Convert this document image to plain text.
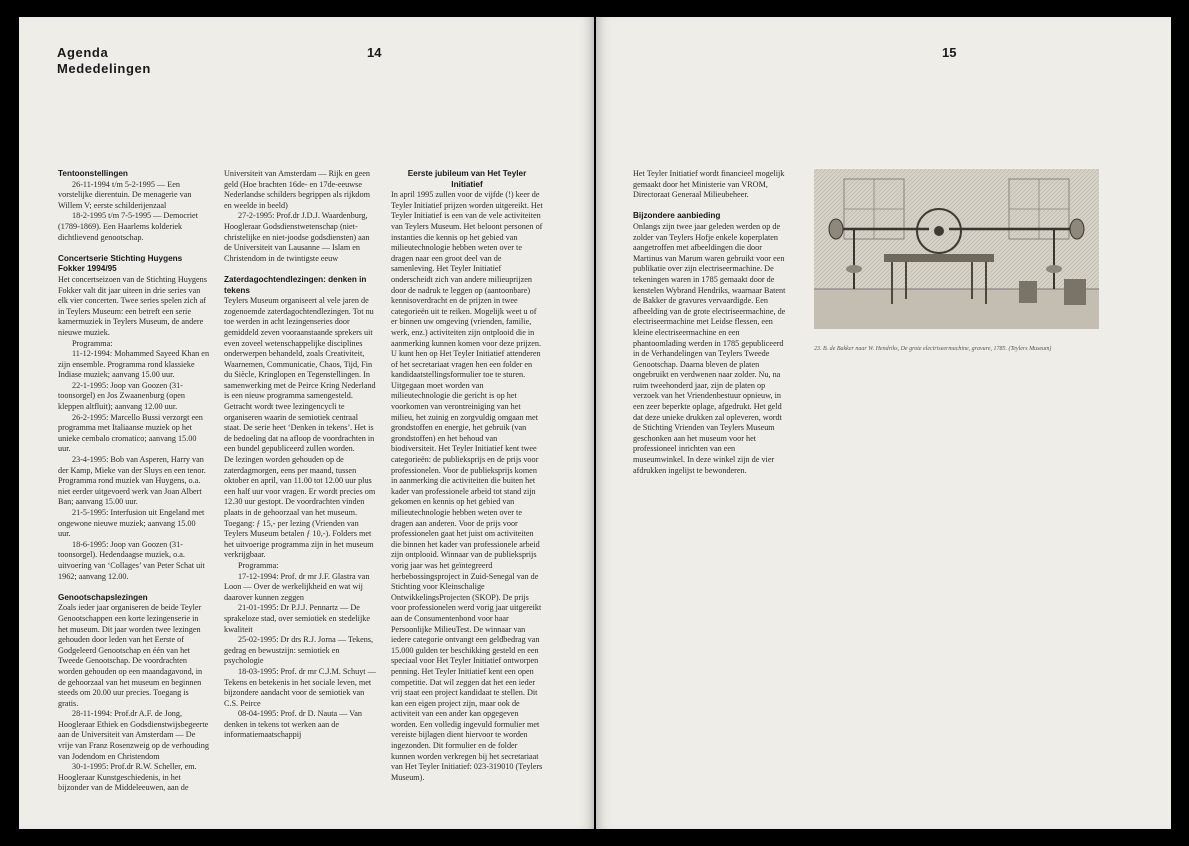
Agenda
Mededelingen
14
Tentoonstellingen

26-11-1994 t/m 5-2-1995 — Een vorstelijke dierentuin. De menagerie van Willem V; eerste schilderijenzaal

18-2-1995 t/m 7-5-1995 — Democriet (1789-1869). Een Haarlems kolderiek dichtlievend genootschap.

Concertserie Stichting Huygens Fokker 1994/95

Het concertseizoen van de Stichting Huygens Fokker valt dit jaar uiteen in drie series van elk vier concerten. Twee series spelen zich af in Teylers Museum: een betreft een serie kamermuziek in Teylers Museum, de andere nieuwe muziek.

Programma:

11-12-1994: Mohammed Sayeed Khan en zijn ensemble. Programma rond klassieke Indiase muziek; aanvang 15.00 uur.

22-1-1995: Joop van Goozen (31-toonsorgel) en Jos Zwaanenburg (open kleppen altfluit); aanvang 12.00 uur.

26-2-1995: Marcello Bussi verzorgt een programma met Italiaanse muziek op het unieke cembalo cromatico; aanvang 15.00 uur.

23-4-1995: Bob van Asperen, Harry van der Kamp, Mieke van der Sluys en een tenor. Programma rond muziek van Huygens, o.a. niet eerder uitgevoerd werk van Joan Albert Ban; aanvang 15.00 uur.

21-5-1995: Interfusion uit Engeland met ongewone nieuwe muziek; aanvang 15.00 uur.

18-6-1995: Joop van Goozen (31-toonsorgel). Hedendaagse muziek, o.a. uitvoering van ‘Collages’ van Peter Schat uit 1962; aanvang 12.00.

Genootschapslezingen

Zoals ieder jaar organiseren de beide Teyler Genootschappen een korte lezingenserie in het museum. Dit jaar worden twee lezingen gehouden door leden van het Eerste of Godgeleerd Genootschap en één van het Tweede Genootschap. De voordrachten worden gehouden op een maandagavond, in de gehoorzaal van het museum en beginnen steeds om 20.00 uur precies. Toegang is gratis.

28-11-1994: Prof.dr A.F. de Jong, Hoogleraar Ethiek en Godsdienstwijsbegeerte aan de Universiteit van Amsterdam — De vrije van Franz Rosenzweig op de verhouding van Jodendom en Christendom

30-1-1995: Prof.dr R.W. Scheller, em. Hoogleraar Kunstgeschiedenis, in het bijzonder van de Middeleeuwen, aan de

Universiteit van Amsterdam — Rijk en geen geld (Hoe brachten 16de- en 17de-eeuwse Nederlandse schilders begrippen als rijkdom en weelde in beeld)

27-2-1995: Prof.dr J.D.J. Waardenburg, Hoogleraar Godsdienstwetenschap (niet-christelijke en niet-joodse godsdiensten) aan de Universiteit van Lausanne — Islam en Christendom in de twintigste eeuw

Zaterdagochtendlezingen: denken in tekens

Teylers Museum organiseert al vele jaren de zogenoemde zaterdagochtendlezingen. Tot nu toe werden in acht lezingenseries door gemiddeld zeven vooraanstaande sprekers uit even zoveel wetenschappelijke disciplines onderwerpen behandeld, zoals Creativiteit, Waarnemen, Communicatie, Chaos, Tijd, Fin du Siècle, Kringlopen en Tegenstellingen. In samenwerking met de Peirce Kring Nederland is een nieuw programma samengesteld. Getracht wordt twee lezingencycli te organiseren waarin de semiotiek centraal staat. De serie heet ‘Denken in tekens’. Het is de bedoeling dat na afloop de voordrachten in een bundel gepubliceerd zullen worden.

De lezingen worden gehouden op de zaterdagmorgen, eens per maand, tussen oktober en april, van 11.00 tot 12.00 uur plus een half uur voor vragen. Er wordt precies om 12.30 uur gestopt. De voordrachten vinden plaats in de gehoorzaal van het museum. Toegang: ƒ 15,- per lezing (Vrienden van Teylers Museum betalen ƒ 10,-). Folders met het uitvoerige programma zijn in het museum verkrijgbaar.

Programma:

17-12-1994: Prof. dr mr J.F. Glastra van Loon — Over de werkelijkheid en wat wij daarover kunnen zeggen

21-01-1995: Dr P.J.J. Pennartz — De sprakeloze stad, over semiotiek en stedelijke kwaliteit

25-02-1995: Dr drs R.J. Jorna — Tekens, gedrag en bewustzijn: semiotiek en psychologie

18-03-1995: Prof. dr mr C.J.M. Schuyt — Tekens en betekenis in het sociale leven, met bijzondere aandacht voor de semiotiek van C.S. Peirce

08-04-1995: Prof. dr D. Nauta — Van denken in tekens tot werken aan de informatiemaatschappij

Eerste jubileum van Het Teyler Initiatief

In april 1995 zullen voor de vijfde (!) keer de Teyler Initiatief prijzen worden uitgereikt. Het Teyler Initiatief is een van de vele activiteiten van Teylers Museum. Het beloont personen of instanties die kennis op het gebied van milieutechnologie hebben weten over te dragen naar een groot deel van de samenleving. Het Teyler Initiatief onderscheidt zich van andere milieuprijzen door de nadruk te leggen op (aantoonbare) kennisoverdracht en de prijzen in twee categorieën uit te reiken. Mogelijk weet u of er binnen uw omgeving (vrienden, familie, werk, enz.) activiteiten zijn ontplooid die in aanmerking kunnen komen voor deze prijzen. U kunt hen op Het Teyler Initiatief attenderen of het secretariaat vragen hen een folder en kandidaatstellingsformulier toe te sturen. Uitgegaan moet worden van milieutechnologie die gericht is op het voorkomen van verontreiniging van het milieu, het zuinig en zorgvuldig omgaan met grondstoffen en energie, het gebruik (van grondstoffen) en het behoud van biodiversiteit. Het Teyler Initiatief kent twee categorieën: de publieksprijs en de prijs voor professionelen. Voor de publieksprijs komen in aanmerking die activiteiten die buiten het kader van professionele arbeid tot stand zijn gekomen en kennis op het gebied van milieutechnologie hebben weten over te dragen aan anderen. Voor de prijs voor professionelen gaat het juist om activiteiten die binnen het kader van professionele arbeid zijn ontplooid. Winnaar van de publieksprijs vorig jaar was het geïntegreerd herbebossingsproject in Zuid-Senegal van de Stichting voor Kleinschalige OntwikkelingsProjecten (SKOP). De prijs voor professionelen werd vorig jaar uitgereikt aan de Consumentenbond voor haar Persoonlijke MilieuTest. De winnaar van iedere categorie ontvangt een geldbedrag van 15.000 gulden ter beschikking gesteld en een speciaal voor Het Teyler Initiatief ontworpen penning. Het Teyler Initiatief kent een open competitie. Dat wil zeggen dat het een ieder vrij staat een project kandidaat te stellen. Dit kan een eigen project zijn, maar ook de activiteit van een ander kan opgegeven worden. Een volledig ingevuld formulier met vereiste bijlagen dient hiervoor te worden ingezonden. Dit formulier en de folder kunnen worden verkregen bij het secretariaat van Het Teyler Initiatief: 023-319010 (Teylers Museum).

15

Het Teyler Initiatief wordt financieel mogelijk gemaakt door het Ministerie van VROM, Directoraat Generaal Milieubeheer.

Bijzondere aanbieding

Onlangs zijn twee jaar geleden werden op de zolder van Teylers Hofje enkele koperplaten aangetroffen met afbeeldingen die door Martinus van Marum waren gebruikt voor een publikatie over zijn electriseermachine. De tekeningen waren in 1785 gemaakt door de kenstelen Wybrand Hendriks, waarnaar Batent de Bakker de gravures vervaardigde. Een afbeelding van de grote electriseermachine, de electriseermachine met Leidse flessen, een kleine electriseermachine en een phantoomlading werden in 1785 gepubliceerd in de Verhandelingen van Teylers Tweede Genootschap. Daarna bleven de platen ongebruikt en verdwenen naar zolder. Nu, na ruim tweehonderd jaar, zijn de platen op verzoek van het Vriendenbestuur opnieuw, in een zeer beperkte oplage, afgedrukt. Het geld dat deze unieke drukken zal opleveren, wordt de Stichting Vrienden van Teylers Museum geschonken aan het museum voor het professioneel inrichten van een museumwinkel. In deze winkel zijn de vier afdrukken ingelijst te bewonderen.

23. B. de Bakker naar W. Hendriks, De grote electriseermachine, gravure, 1785. (Teylers Museum)
